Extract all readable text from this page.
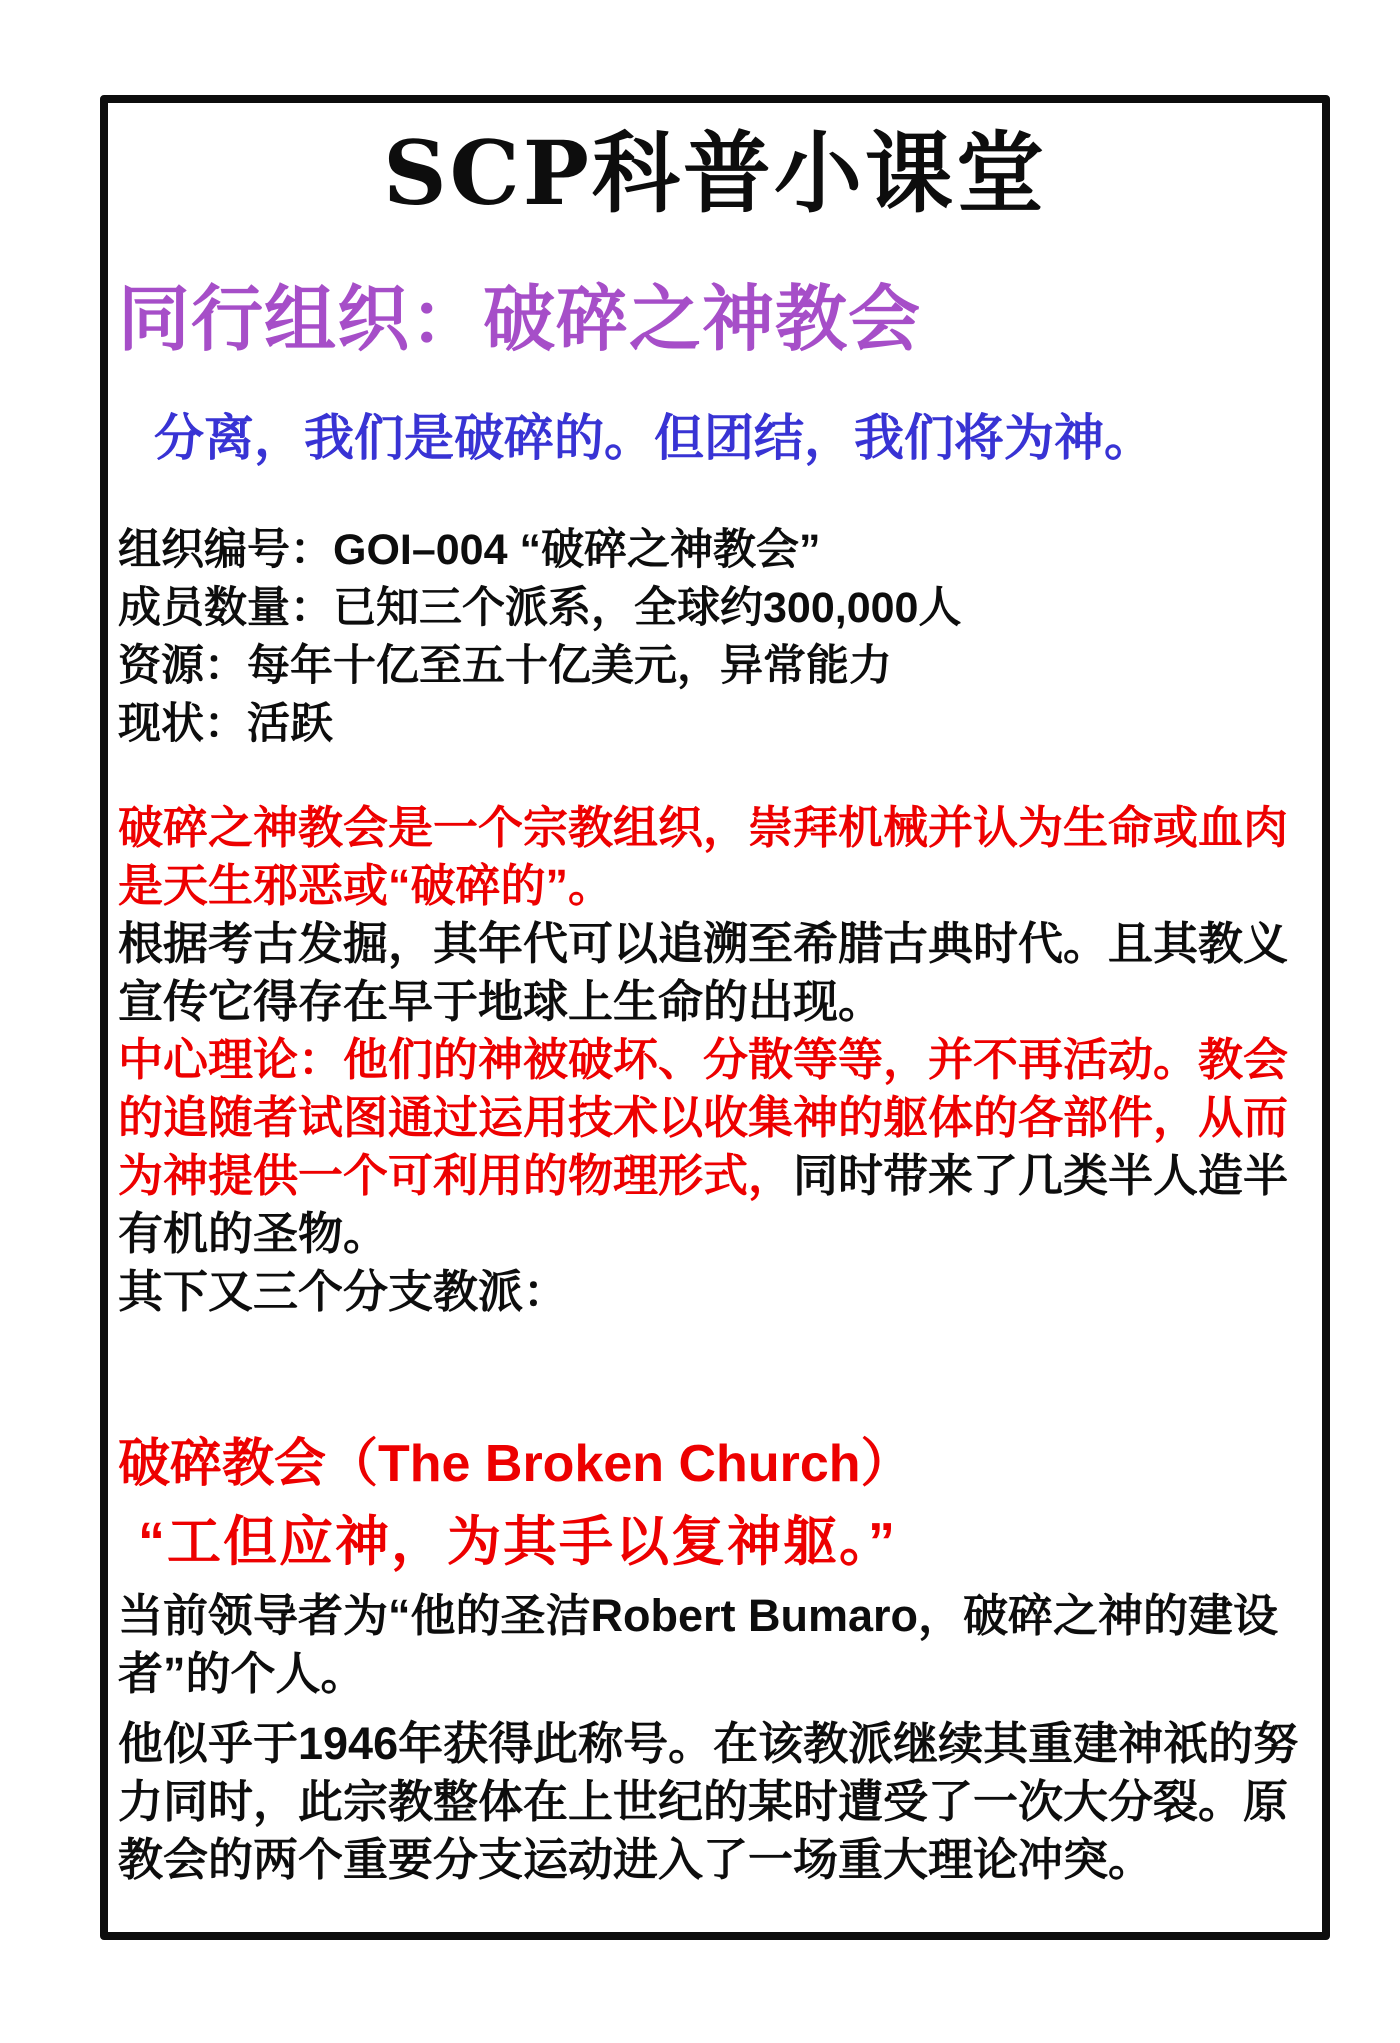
SCP科普小课堂
同行组织：破碎之神教会

分离，我们是破碎的。但团结，我们将为神。

组织编号：GOI–004 “破碎之神教会”

成员数量：已知三个派系，全球约300,000人

资源：每年十亿至五十亿美元，异常能力

现状：活跃

破碎之神教会是一个宗教组织，崇拜机械并认为生命或血肉是天生邪恶或“破碎的”。

根据考古发掘，其年代可以追溯至希腊古典时代。且其教义宣传它得存在早于地球上生命的出现。

中心理论：他们的神被破坏、分散等等，并不再活动。教会的追随者试图通过运用技术以收集神的躯体的各部件，从而为神提供一个可利用的物理形式，同时带来了几类半人造半有机的圣物。

其下又三个分支教派：

破碎教会（The Broken Church）

“工但应神，为其手以复神躯。”

当前领导者为“他的圣洁Robert Bumaro，破碎之神的建设者”的个人。

他似乎于1946年获得此称号。在该教派继续其重建神祇的努力同时，此宗教整体在上世纪的某时遭受了一次大分裂。原教会的两个重要分支运动进入了一场重大理论冲突。
